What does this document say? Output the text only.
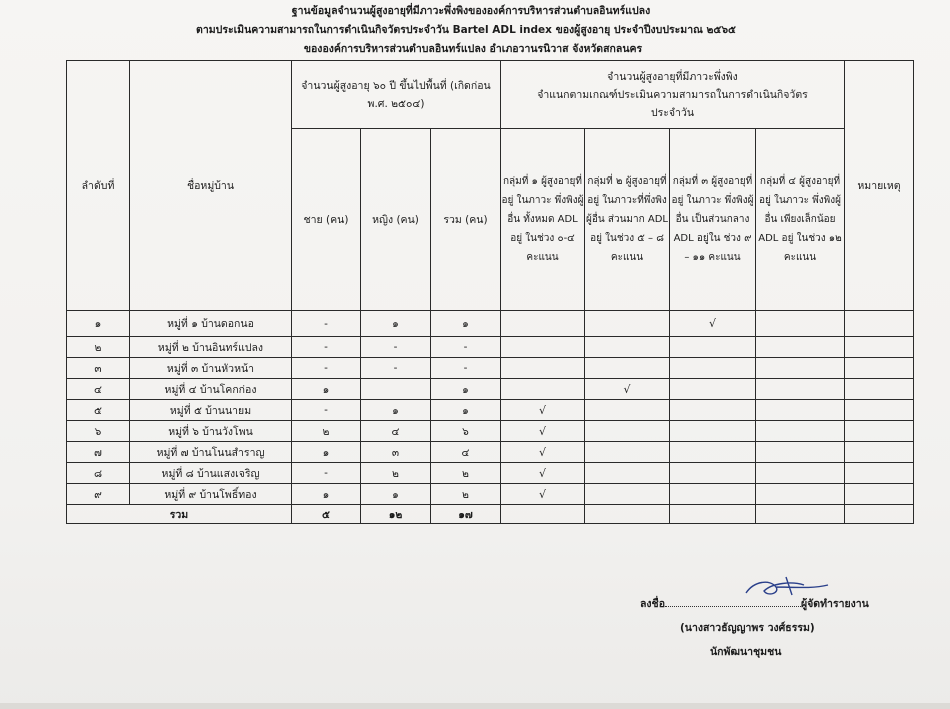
ฐานข้อมูลจำนวนผู้สูงอายุที่มีภาวะพึ่งพิงขององค์การบริหารส่วนตำบลอินทร์แปลง
ตามประเมินความสามารถในการดำเนินกิจวัตรประจำวัน Bartel ADL index ของผู้สูงอายุ ประจำปีงบประมาณ ๒๕๖๕
ขององค์การบริหารส่วนตำบลอินทร์แปลง อำเภอวานรนิวาส จังหวัดสกลนคร
ลำดับที่	ชื่อหมู่บ้าน	จำนวนผู้สูงอายุ ๖๐ ปี ขึ้นไปพื้นที่ (เกิดก่อน พ.ศ. ๒๕๐๔)			จำนวนผู้สูงอายุที่มีภาวะพึ่งพิง
จำแนกตามเกณฑ์ประเมินความสามารถในการดำเนินกิจวัตร
ประจำวัน				หมายเหตุ
		ชาย (คน)	หญิง (คน)	รวม (คน)	กลุ่มที่ ๑ ผู้สูงอายุที่อยู่ ในภาวะ พึ่งพิงผู้อื่น ทั้งหมด ADL อยู่ ในช่วง ๐-๔ คะแนน	กลุ่มที่ ๒ ผู้สูงอายุที่อยู่ ในภาวะที่พึ่งพิง ผู้อื่น ส่วนมาก ADL อยู่ ในช่วง ๕ – ๘ คะแนน	กลุ่มที่ ๓ ผู้สูงอายุที่อยู่ ในภาวะ พึ่งพิงผู้อื่น เป็นส่วนกลาง ADL อยู่ใน ช่วง ๙ – ๑๑ คะแนน	กลุ่มที่ ๔ ผู้สูงอายุที่อยู่ ในภาวะ พึ่งพิงผู้อื่น เพียงเล็กน้อย ADL อยู่ ในช่วง ๑๒ คะแนน	
๑	หมู่ที่ ๑ บ้านดอกนอ	-	๑	๑			√		
๒	หมู่ที่ ๒ บ้านอินทร์แปลง	-	-	-					
๓	หมู่ที่ ๓ บ้านหัวหน้า	-	-	-					
๔	หมู่ที่ ๔ บ้านโคกก่อง	๑		๑		√			
๕	หมู่ที่ ๕ บ้านนายม	-	๑	๑	√				
๖	หมู่ที่ ๖ บ้านวังโพน	๒	๔	๖	√				
๗	หมู่ที่ ๗ บ้านโนนสำราญ	๑	๓	๔	√				
๘	หมู่ที่ ๘ บ้านแสงเจริญ	-	๒	๒	√				
๙	หมู่ที่ ๙ บ้านโพธิ์ทอง	๑	๑	๒	√				
รวม		๕	๑๒	๑๗					
ลงชื่อ	ผู้จัดทำรายงาน
(นางสาวธัญญาพร วงศ์ธรรม)
นักพัฒนาชุมชน
